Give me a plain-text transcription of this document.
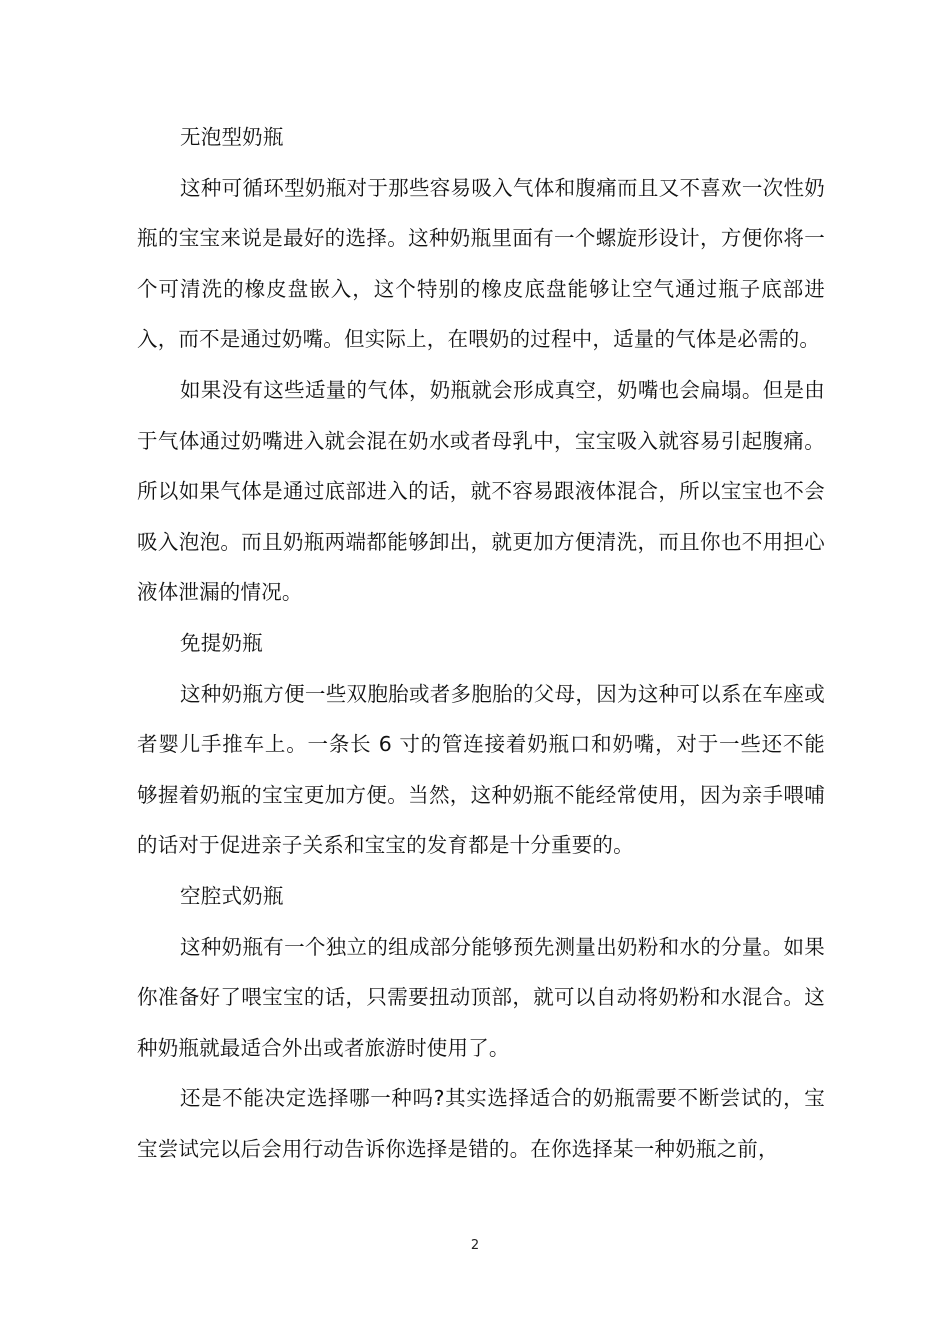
无泡型奶瓶

这种可循环型奶瓶对于那些容易吸入气体和腹痛而且又不喜欢一次性奶瓶的宝宝来说是最好的选择。这种奶瓶里面有一个螺旋形设计，方便你将一个可清洗的橡皮盘嵌入，这个特别的橡皮底盘能够让空气通过瓶子底部进入，而不是通过奶嘴。但实际上，在喂奶的过程中，适量的气体是必需的。

如果没有这些适量的气体，奶瓶就会形成真空，奶嘴也会扁塌。但是由于气体通过奶嘴进入就会混在奶水或者母乳中，宝宝吸入就容易引起腹痛。所以如果气体是通过底部进入的话，就不容易跟液体混合，所以宝宝也不会吸入泡泡。而且奶瓶两端都能够卸出，就更加方便清洗，而且你也不用担心液体泄漏的情况。

免提奶瓶

这种奶瓶方便一些双胞胎或者多胞胎的父母，因为这种可以系在车座或者婴儿手推车上。一条长 6 寸的管连接着奶瓶口和奶嘴，对于一些还不能够握着奶瓶的宝宝更加方便。当然，这种奶瓶不能经常使用，因为亲手喂哺的话对于促进亲子关系和宝宝的发育都是十分重要的。

空腔式奶瓶

这种奶瓶有一个独立的组成部分能够预先测量出奶粉和水的分量。如果你准备好了喂宝宝的话，只需要扭动顶部，就可以自动将奶粉和水混合。这种奶瓶就最适合外出或者旅游时使用了。

还是不能决定选择哪一种吗?其实选择适合的奶瓶需要不断尝试的，宝宝尝试完以后会用行动告诉你选择是错的。在你选择某一种奶瓶之前，

2
